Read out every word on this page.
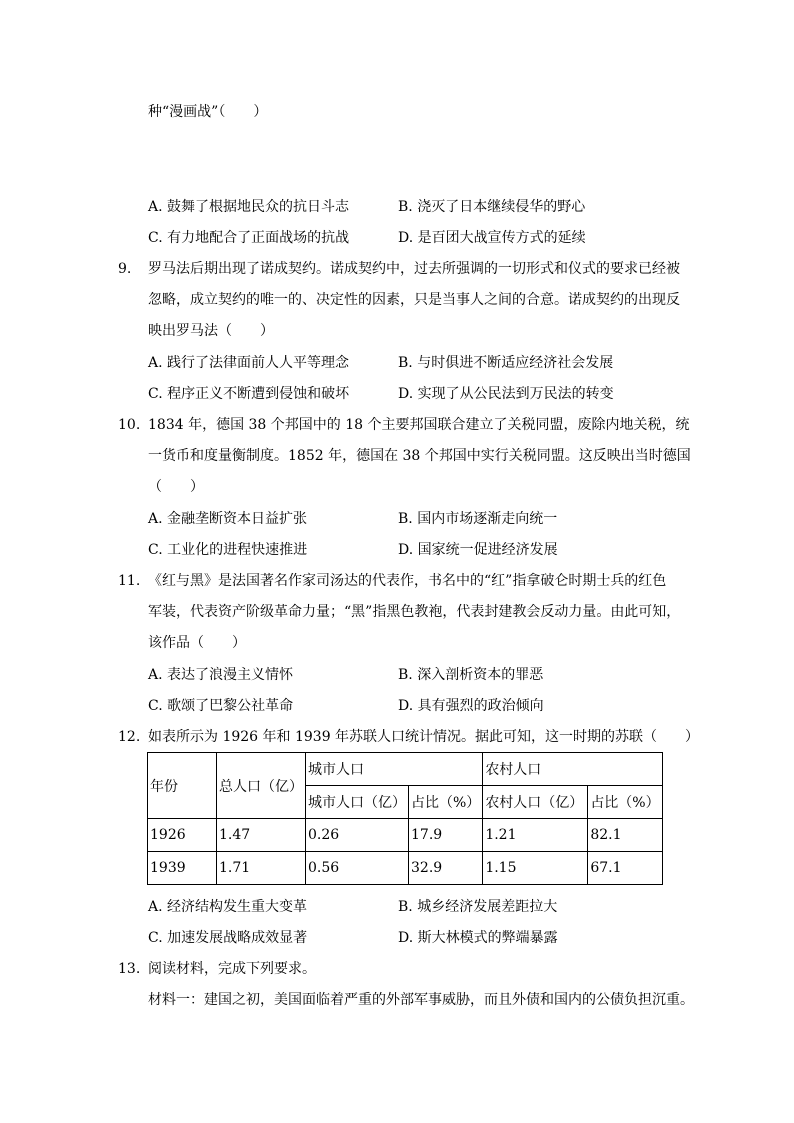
种“漫画战”（　　）
A. 鼓舞了根据地民众的抗日斗志	B. 浇灭了日本继续侵华的野心
C. 有力地配合了正面战场的抗战	D. 是百团大战宣传方式的延续
9. 罗马法后期出现了诺成契约。诺成契约中，过去所强调的一切形式和仪式的要求已经被
忽略，成立契约的唯一的、决定性的因素，只是当事人之间的合意。诺成契约的出现反
映出罗马法（　　）
A. 践行了法律面前人人平等理念	B. 与时俱进不断适应经济社会发展
C. 程序正义不断遭到侵蚀和破坏	D. 实现了从公民法到万民法的转变
10. 1834 年，德国 38 个邦国中的 18 个主要邦国联合建立了关税同盟，废除内地关税，统
一货币和度量衡制度。1852 年，德国在 38 个邦国中实行关税同盟。这反映出当时德国
（　　）
A. 金融垄断资本日益扩张	B. 国内市场逐渐走向统一
C. 工业化的进程快速推进	D. 国家统一促进经济发展
11. 《红与黑》是法国著名作家司汤达的代表作，书名中的“红”指拿破仑时期士兵的红色
军装，代表资产阶级革命力量；“黑”指黑色教袍，代表封建教会反动力量。由此可知，
该作品（　　）
A. 表达了浪漫主义情怀	B. 深入剖析资本的罪恶
C. 歌颂了巴黎公社革命	D. 具有强烈的政治倾向
12. 如表所示为 1926 年和 1939 年苏联人口统计情况。据此可知，这一时期的苏联（　　）
年份	总人口（亿）	城市人口		农村人口	
		城市人口（亿）	占比（%）	农村人口（亿）	占比（%）
1926	1.47	0.26	17.9	1.21	82.1
1939	1.71	0.56	32.9	1.15	67.1
A. 经济结构发生重大变革	B. 城乡经济发展差距拉大
C. 加速发展战略成效显著	D. 斯大林模式的弊端暴露
13. 阅读材料，完成下列要求。
材料一：建国之初，美国面临着严重的外部军事威胁，而且外债和国内的公债负担沉重。
